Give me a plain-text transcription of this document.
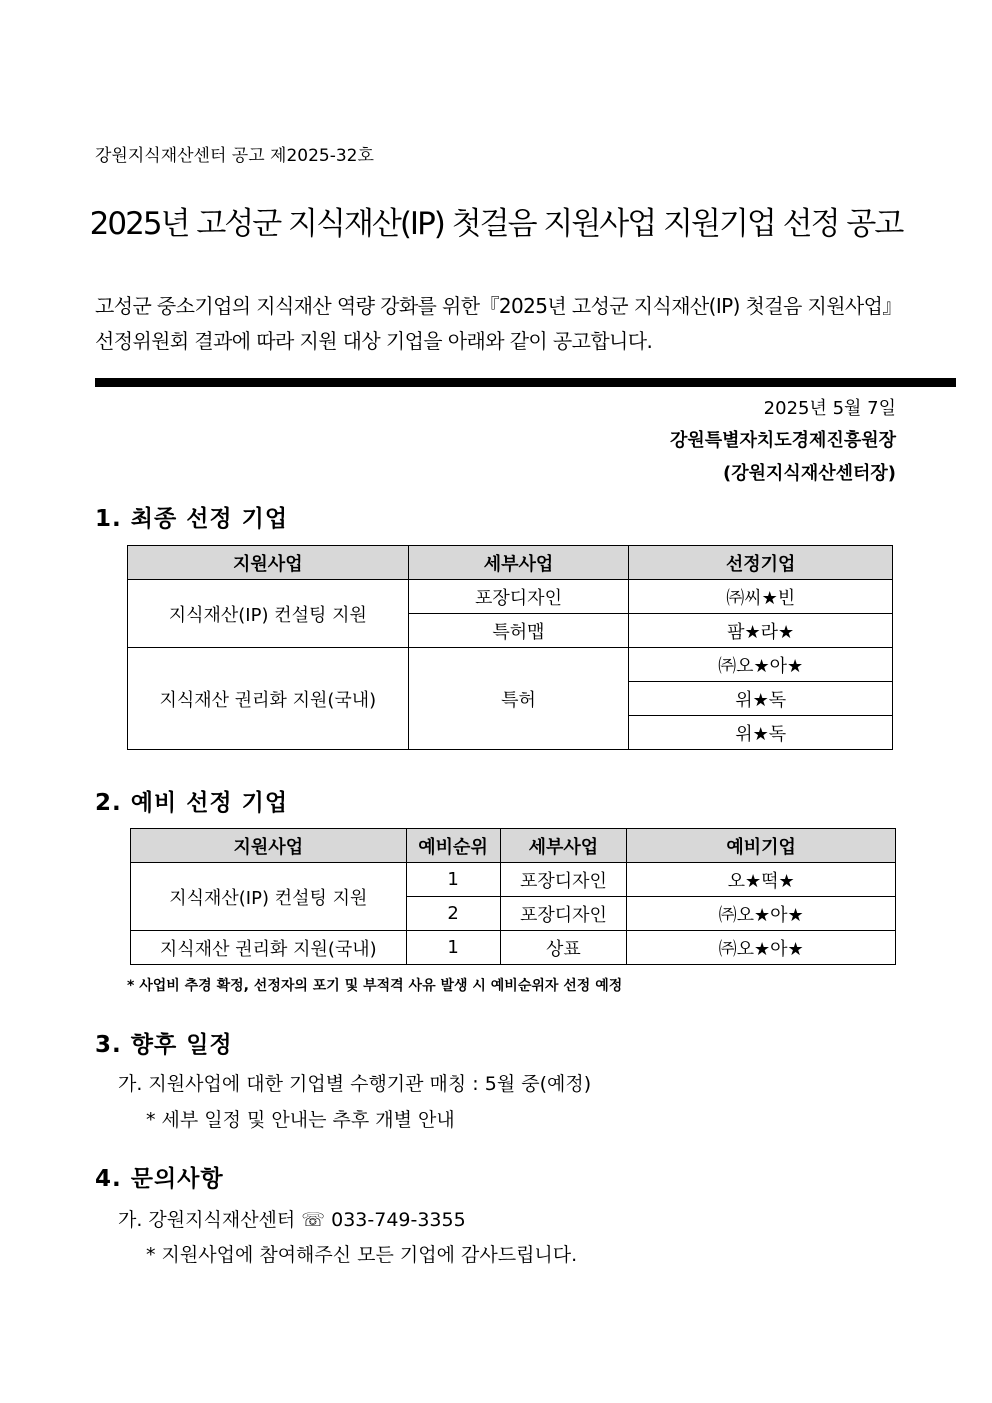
강원지식재산센터 공고 제2025-32호
2025년 고성군 지식재산(IP) 첫걸음 지원사업 지원기업 선정 공고
고성군 중소기업의 지식재산 역량 강화를 위한『2025년 고성군 지식재산(IP) 첫걸음 지원사업』
선정위원회 결과에 따라 지원 대상 기업을 아래와 같이 공고합니다.
2025년 5월 7일
강원특별자치도경제진흥원장
(강원지식재산센터장)
1. 최종 선정 기업
지원사업	세부사업	선정기업
지식재산(IP) 컨설팅 지원	포장디자인	㈜씨★빈
	특허맵	팜★라★
지식재산 권리화 지원(국내)	특허	㈜오★아★
		위★독
		위★독
2. 예비 선정 기업
지원사업	예비순위	세부사업	예비기업
지식재산(IP) 컨설팅 지원	1	포장디자인	오★떡★
	2	포장디자인	㈜오★아★
지식재산 권리화 지원(국내)	1	상표	㈜오★아★
* 사업비 추경 확정, 선정자의 포기 및 부적격 사유 발생 시 예비순위자 선정 예정
3. 향후 일정
가. 지원사업에 대한 기업별 수행기관 매칭 : 5월 중(예정)
* 세부 일정 및 안내는 추후 개별 안내
4. 문의사항
가. 강원지식재산센터 ☏ 033-749-3355
* 지원사업에 참여해주신 모든 기업에 감사드립니다.
